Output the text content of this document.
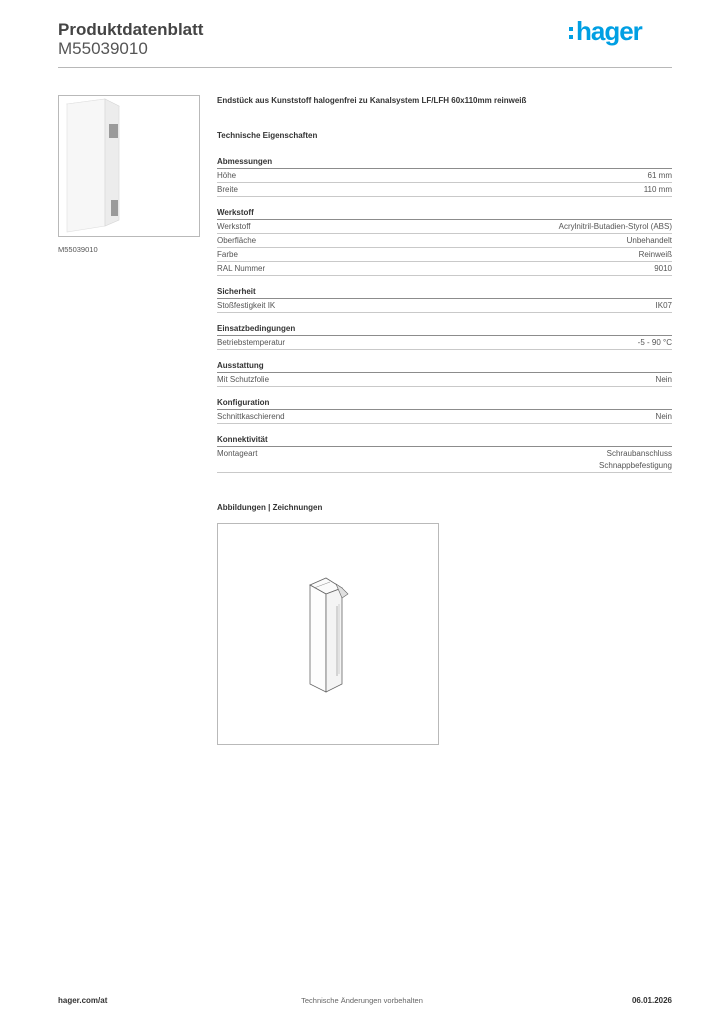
Produktdatenblatt
M55039010
hager
M55039010
Endstück aus Kunststoff halogenfrei zu Kanalsystem LF/LFH 60x110mm reinweiß
Technische Eigenschaften
Abmessungen
Höhe	61 mm
Breite	110 mm
Werkstoff
Werkstoff	Acrylnitril-Butadien-Styrol (ABS)
Oberfläche	Unbehandelt
Farbe	Reinweiß
RAL Nummer	9010
Sicherheit
Stoßfestigkeit IK	IK07
Einsatzbedingungen
Betriebstemperatur	-5 - 90 °C
Ausstattung
Mit Schutzfolie	Nein
Konfiguration
Schnittkaschierend	Nein
Konnektivität
Montageart	Schraubanschluss
Schnappbefestigung
Abbildungen | Zeichnungen
hager.com/at	Technische Änderungen vorbehalten	06.01.2026
